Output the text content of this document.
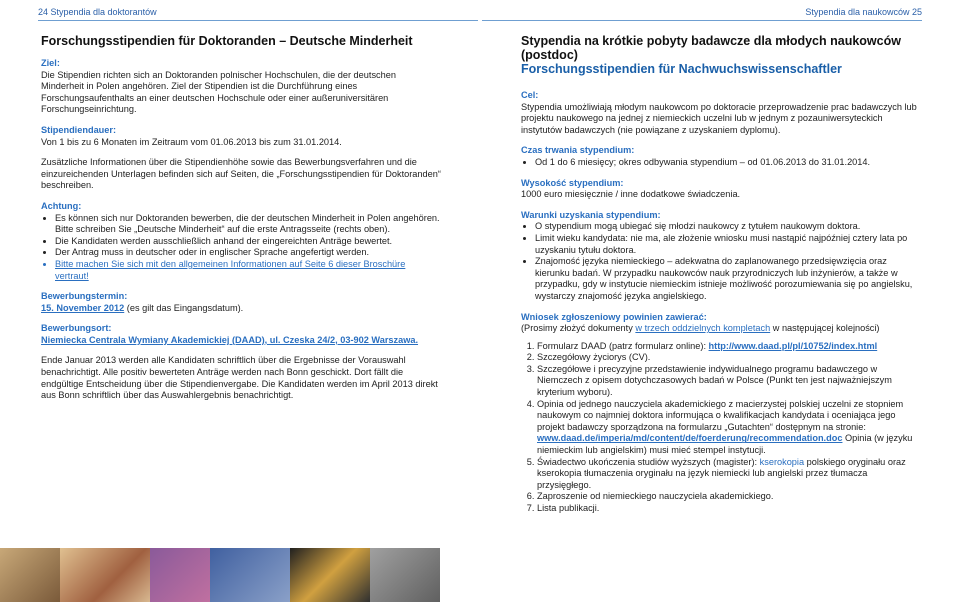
24 Stypendia dla doktorantów	Stypendia dla naukowców 25
Forschungsstipendien für Doktoranden – Deutsche Minderheit
Ziel:

Die Stipendien richten sich an Doktoranden polnischer Hochschulen, die der deutschen Minderheit in Polen angehören. Ziel der Stipendien ist die Durchführung eines Forschungsaufenthalts an einer deutschen Hochschule oder einer außeruniversitären Forschungseinrichtung.

Stipendiendauer:

Von 1 bis zu 6 Monaten im Zeitraum vom 01.06.2013 bis zum 31.01.2014.

Zusätzliche Informationen über die Stipendienhöhe sowie das Bewerbungsverfahren und die einzureichenden Unterlagen befinden sich auf Seiten, die „Forschungsstipendien für Doktoranden“ beschreiben.

Achtung:
• Es können sich nur Doktoranden bewerben, die der deutschen Minderheit in Polen angehören. Bitte schreiben Sie „Deutsche Minderheit“ auf die erste Antragsseite (rechts oben).
• Die Kandidaten werden ausschließlich anhand der eingereichten Anträge bewertet.
• Der Antrag muss in deutscher oder in englischer Sprache angefertigt werden.
• Bitte machen Sie sich mit den allgemeinen Informationen auf Seite 6 dieser Broschüre vertraut!
Bewerbungstermin:

15. November 2012 (es gilt das Eingangsdatum).

Bewerbungsort:

Niemiecka Centrala Wymiany Akademickiej (DAAD), ul. Czeska 24/2, 03-902 Warszawa.

Ende Januar 2013 werden alle Kandidaten schriftlich über die Ergebnisse der Vorauswahl benachrichtigt. Alle positiv bewerteten Anträge werden nach Bonn geschickt. Dort fällt die endgültige Entscheidung über die Stipendienvergabe. Die Kandidaten werden im April 2013 direkt aus Bonn schriftlich über das Auswahlergebnis benachrichtigt.

Stypendia na krótkie pobyty badawcze dla młodych naukowców (postdoc)
Forschungsstipendien für Nachwuchswissenschaftler
Cel:

Stypendia umożliwiają młodym naukowcom po doktoracie przeprowadzenie prac badawczych lub projektu naukowego na jednej z niemieckich uczelni lub w jednym z pozauniwersyteckich instytutów badawczych (nie powiązane z uzyskaniem dyplomu).

Czas trwania stypendium:
• Od 1 do 6 miesięcy; okres odbywania stypendium – od 01.06.2013 do 31.01.2014.
Wysokość stypendium:

1000 euro miesięcznie / inne dodatkowe świadczenia.

Warunki uzyskania stypendium:
• O stypendium mogą ubiegać się młodzi naukowcy z tytułem naukowym doktora.
• Limit wieku kandydata: nie ma, ale złożenie wniosku musi nastąpić najpóźniej cztery lata po uzyskaniu tytułu doktora.
• Znajomość języka niemieckiego – adekwatna do zaplanowanego przedsięwzięcia oraz kierunku badań. W przypadku naukowców nauk przyrodniczych lub inżynierów, a także w przypadku, gdy w instytucie niemieckim istnieje możliwość porozumiewania się po angielsku, wystarczy znajomość języka angielskiego.
Wniosek zgłoszeniowy powinien zawierać:

(Prosimy złożyć dokumenty w trzech oddzielnych kompletach w następującej kolejności)

1. Formularz DAAD (patrz formularz online): http://www.daad.pl/pl/10752/index.html
2. Szczegółowy życiorys (CV).
3. Szczegółowe i precyzyjne przedstawienie indywidualnego programu badawczego w Niemczech z opisem dotychczasowych badań w Polsce (Punkt ten jest najważniejszym kryterium wyboru).
4. Opinia od jednego nauczyciela akademickiego z macierzystej polskiej uczelni ze stopniem naukowym co najmniej doktora informująca o kwalifikacjach kandydata i oceniająca jego projekt badawczy sporządzona na formularzu „Gutachten“ dostępnym na stronie: www.daad.de/imperia/md/content/de/foerderung/recommendation.doc Opinia (w języku niemieckim lub angielskim) musi mieć stempel instytucji.
5. Świadectwo ukończenia studiów wyższych (magister): kserokopia polskiego oryginału oraz kserokopia tłumaczenia oryginału na język niemiecki lub angielski przez tłumacza przysięgłego.
6. Zaproszenie od niemieckiego nauczyciela akademickiego.
7. Lista publikacji.
